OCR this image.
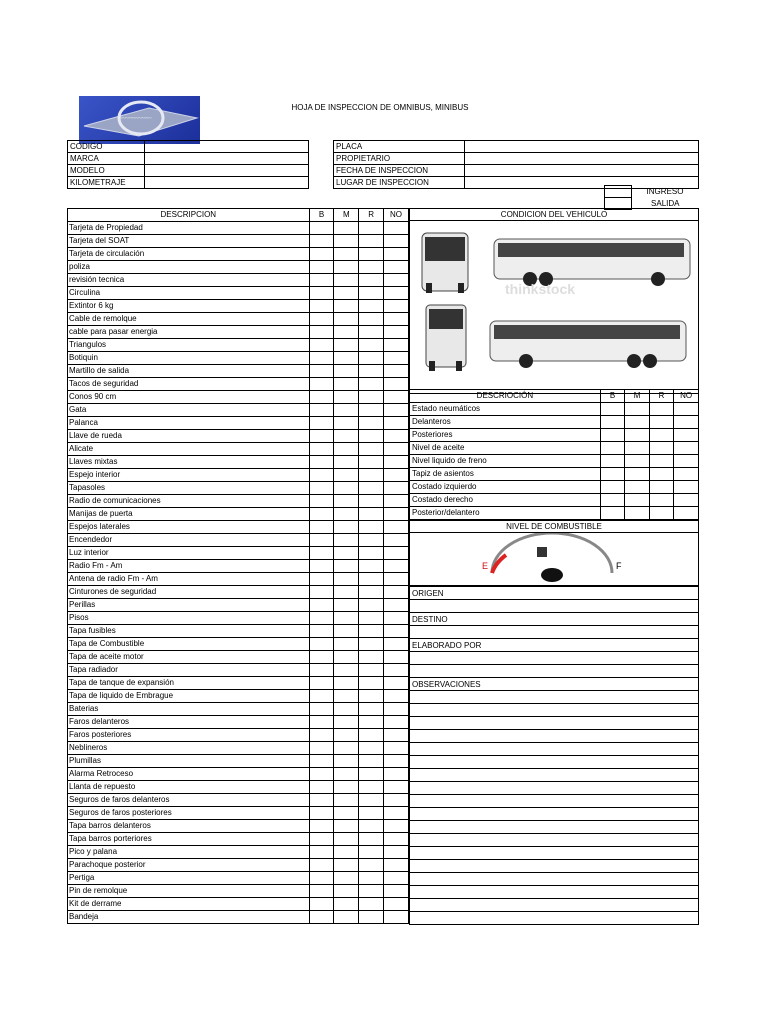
~~~~~~~~~~
HOJA DE INSPECCION DE OMNIBUS, MINIBUS
CODIGO	
MARCA	
MODELO	
KILOMETRAJE	
PLACA	
PROPIETARIO	
FECHA DE INSPECCION	
LUGAR DE INSPECCION	
	INGRESO
	SALIDA
DESCRIPCION	B	M	R	NO
Tarjeta de Propiedad				
Tarjeta del SOAT				
Tarjeta de circulación				
poliza				
revisión tecnica				
Circulina				
Extintor 6 kg				
Cable de remolque				
cable para pasar energia				
Triangulos				
Botiquin				
Martillo de salida				
Tacos de seguridad				
Conos 90 cm				
Gata				
Palanca				
Llave de rueda				
Alicate				
Llaves mixtas				
Espejo interior				
Tapasoles				
Radio de comunicaciones				
Manijas de puerta				
Espejos laterales				
Encendedor				
Luz interior				
Radio Fm - Am				
Antena de radio Fm - Am				
Cinturones de seguridad				
Perillas				
Pisos				
Tapa fusibles				
Tapa de Combustible				
Tapa de aceite motor				
Tapa radiador				
Tapa de tanque de expansión				
Tapa de liquido de Embrague				
Baterias				
Faros delanteros				
Faros posteriores				
Neblineros				
Plumillas				
Alarma Retroceso				
Llanta de repuesto				
Seguros de faros delanteros				
Seguros de faros posteriores				
Tapa barros delanteros				
Tapa barros porteriores				
Pico y palana				
Parachoque posterior				
Pertiga				
Pin de remolque				
Kit de derrame				
Bandeja				
CONDICION DEL VEHICULO

thinkstock
DESCRIOCIÓN	B	M	R	NO
Estado neumáticos				
Delanteros				
Posteriores				
Nivel de aceite				
Nivel liquido de freno				
Tapiz de asientos				
Costado izquierdo				
Costado derecho				
Posterior/delantero				
NIVEL DE COMBUSTIBLE

E	F
ORIGEN

DESTINO

ELABORADO POR

OBSERVACIONES
